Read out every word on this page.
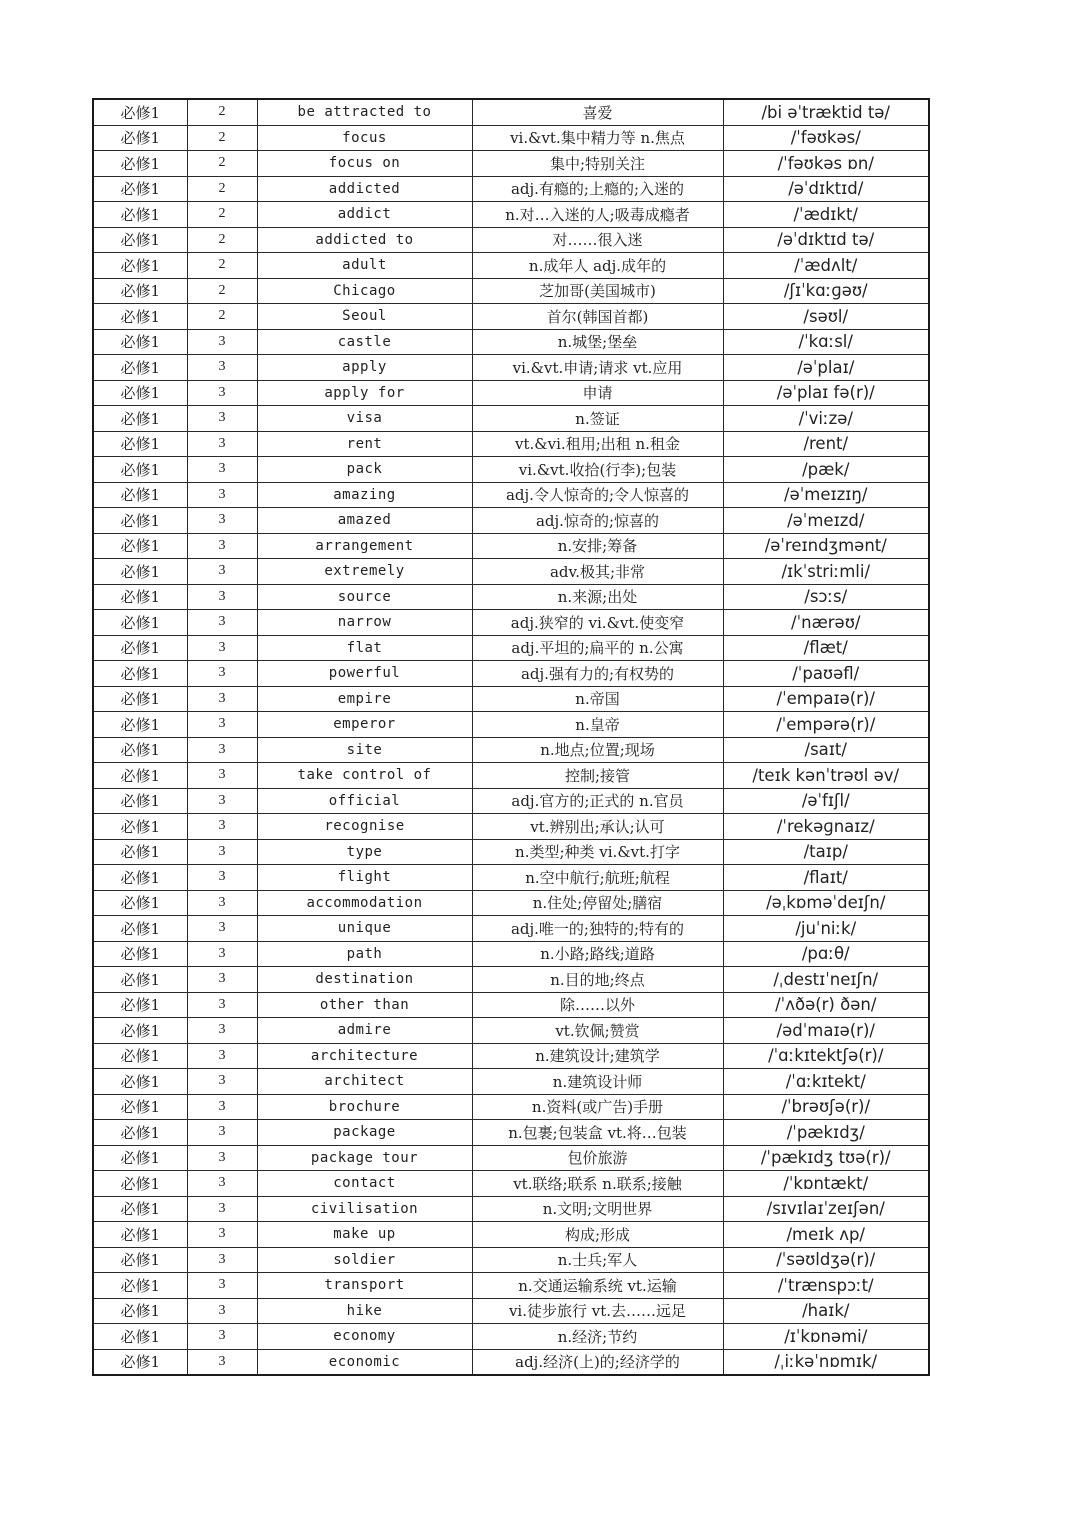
必修1	2	be attracted to	喜爱	/bi əˈtræktid tə/
必修1	2	focus	vi.&vt.集中精力等 n.焦点	/ˈfəʊkəs/
必修1	2	focus on	集中;特别关注	/ˈfəʊkəs ɒn/
必修1	2	addicted	adj.有瘾的;上瘾的;入迷的	/əˈdɪktɪd/
必修1	2	addict	n.对…入迷的人;吸毒成瘾者	/ˈædɪkt/
必修1	2	addicted to	对……很入迷	/əˈdɪktɪd tə/
必修1	2	adult	n.成年人 adj.成年的	/ˈædʌlt/
必修1	2	Chicago	芝加哥(美国城市)	/ʃɪˈkɑːɡəʊ/
必修1	2	Seoul	首尔(韩国首都)	/səʊl/
必修1	3	castle	n.城堡;堡垒	/ˈkɑːsl/
必修1	3	apply	vi.&vt.申请;请求 vt.应用	/əˈplaɪ/
必修1	3	apply for	申请	/əˈplaɪ fə(r)/
必修1	3	visa	n.签证	/ˈviːzə/
必修1	3	rent	vt.&vi.租用;出租 n.租金	/rent/
必修1	3	pack	vi.&vt.收拾(行李);包装	/pæk/
必修1	3	amazing	adj.令人惊奇的;令人惊喜的	/əˈmeɪzɪŋ/
必修1	3	amazed	adj.惊奇的;惊喜的	/əˈmeɪzd/
必修1	3	arrangement	n.安排;筹备	/əˈreɪndʒmənt/
必修1	3	extremely	adv.极其;非常	/ɪkˈstriːmli/
必修1	3	source	n.来源;出处	/sɔːs/
必修1	3	narrow	adj.狭窄的 vi.&vt.使变窄	/ˈnærəʊ/
必修1	3	flat	adj.平坦的;扁平的 n.公寓	/flæt/
必修1	3	powerful	adj.强有力的;有权势的	/ˈpaʊəfl/
必修1	3	empire	n.帝国	/ˈempaɪə(r)/
必修1	3	emperor	n.皇帝	/ˈempərə(r)/
必修1	3	site	n.地点;位置;现场	/saɪt/
必修1	3	take control of	控制;接管	/teɪk kənˈtrəʊl əv/
必修1	3	official	adj.官方的;正式的 n.官员	/əˈfɪʃl/
必修1	3	recognise	vt.辨别出;承认;认可	/ˈrekəɡnaɪz/
必修1	3	type	n.类型;种类 vi.&vt.打字	/taɪp/
必修1	3	flight	n.空中航行;航班;航程	/flaɪt/
必修1	3	accommodation	n.住处;停留处;膳宿	/əˌkɒməˈdeɪʃn/
必修1	3	unique	adj.唯一的;独特的;特有的	/juˈniːk/
必修1	3	path	n.小路;路线;道路	/pɑːθ/
必修1	3	destination	n.目的地;终点	/ˌdestɪˈneɪʃn/
必修1	3	other than	除……以外	/ˈʌðə(r) ðən/
必修1	3	admire	vt.钦佩;赞赏	/ədˈmaɪə(r)/
必修1	3	architecture	n.建筑设计;建筑学	/ˈɑːkɪtektʃə(r)/
必修1	3	architect	n.建筑设计师	/ˈɑːkɪtekt/
必修1	3	brochure	n.资料(或广告)手册	/ˈbrəʊʃə(r)/
必修1	3	package	n.包裹;包装盒 vt.将…包装	/ˈpækɪdʒ/
必修1	3	package tour	包价旅游	/ˈpækɪdʒ tʊə(r)/
必修1	3	contact	vt.联络;联系 n.联系;接触	/ˈkɒntækt/
必修1	3	civilisation	n.文明;文明世界	/sɪvɪlaɪˈzeɪʃən/
必修1	3	make up	构成;形成	/meɪk ʌp/
必修1	3	soldier	n.士兵;军人	/ˈsəʊldʒə(r)/
必修1	3	transport	n.交通运输系统 vt.运输	/ˈtrænspɔːt/
必修1	3	hike	vi.徒步旅行 vt.去……远足	/haɪk/
必修1	3	economy	n.经济;节约	/ɪˈkɒnəmi/
必修1	3	economic	adj.经济(上)的;经济学的	/ˌiːkəˈnɒmɪk/
